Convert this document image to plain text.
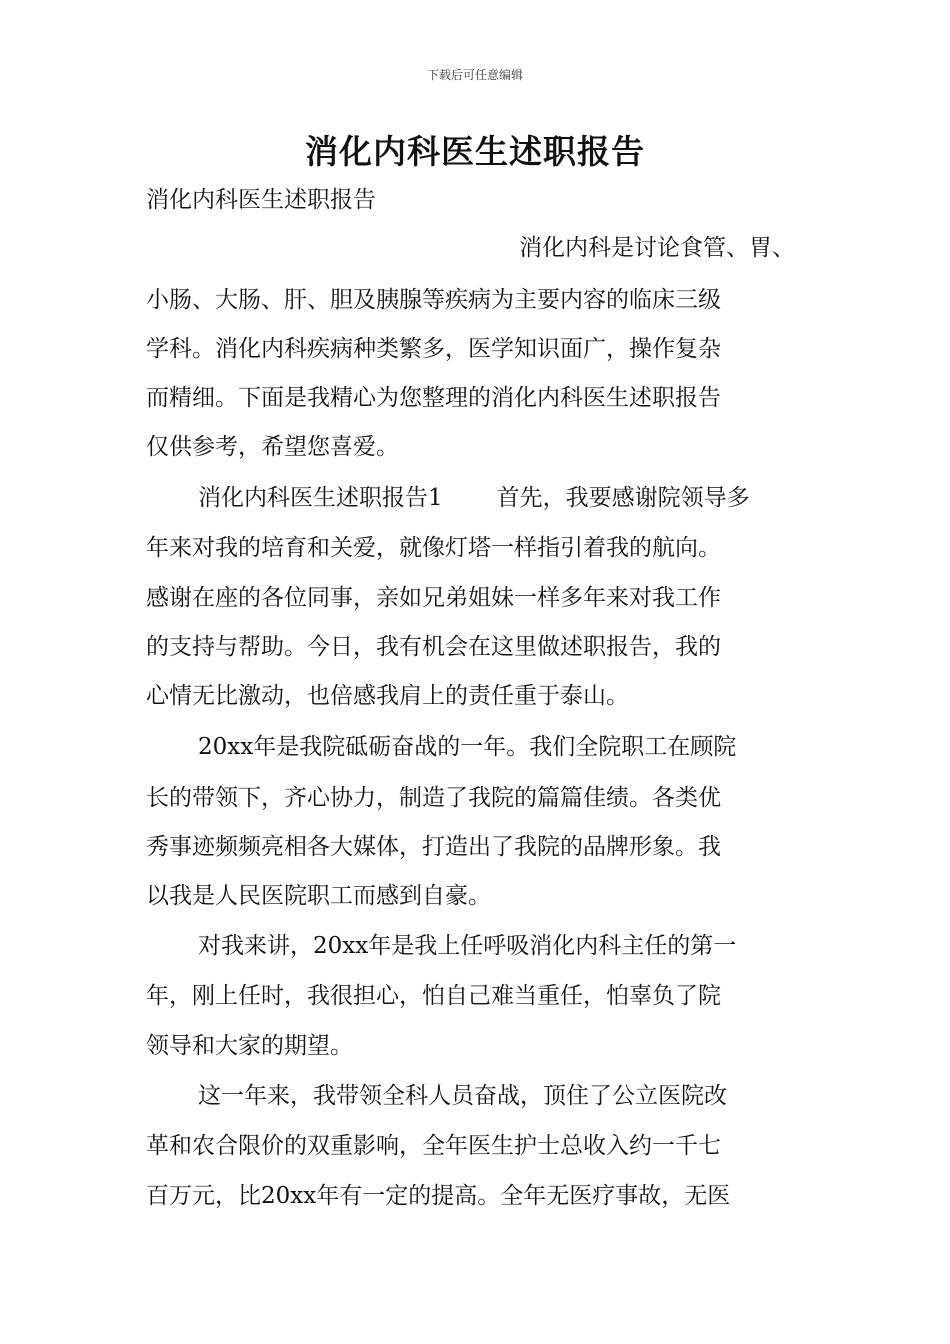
下载后可任意编辑
消化内科医生述职报告
消化内科医生述职报告
消化内科是讨论食管、胃、
小肠、大肠、肝、胆及胰腺等疾病为主要内容的临床三级
学科。消化内科疾病种类繁多，医学知识面广，操作复杂
而精细。下面是我精心为您整理的消化内科医生述职报告
仅供参考，希望您喜爱。
消化内科医生述职报告1 首先，我要感谢院领导多
年来对我的培育和关爱，就像灯塔一样指引着我的航向。
感谢在座的各位同事，亲如兄弟姐妹一样多年来对我工作
的支持与帮助。今日，我有机会在这里做述职报告，我的
心情无比激动，也倍感我肩上的责任重于泰山。
20xx年是我院砥砺奋战的一年。我们全院职工在顾院
长的带领下，齐心协力，制造了我院的篇篇佳绩。各类优
秀事迹频频亮相各大媒体，打造出了我院的品牌形象。我
以我是人民医院职工而感到自豪。
对我来讲，20xx年是我上任呼吸消化内科主任的第一
年，刚上任时，我很担心，怕自己难当重任，怕辜负了院
领导和大家的期望。
这一年来，我带领全科人员奋战，顶住了公立医院改
革和农合限价的双重影响，全年医生护士总收入约一千七
百万元，比20xx年有一定的提高。全年无医疗事故，无医
